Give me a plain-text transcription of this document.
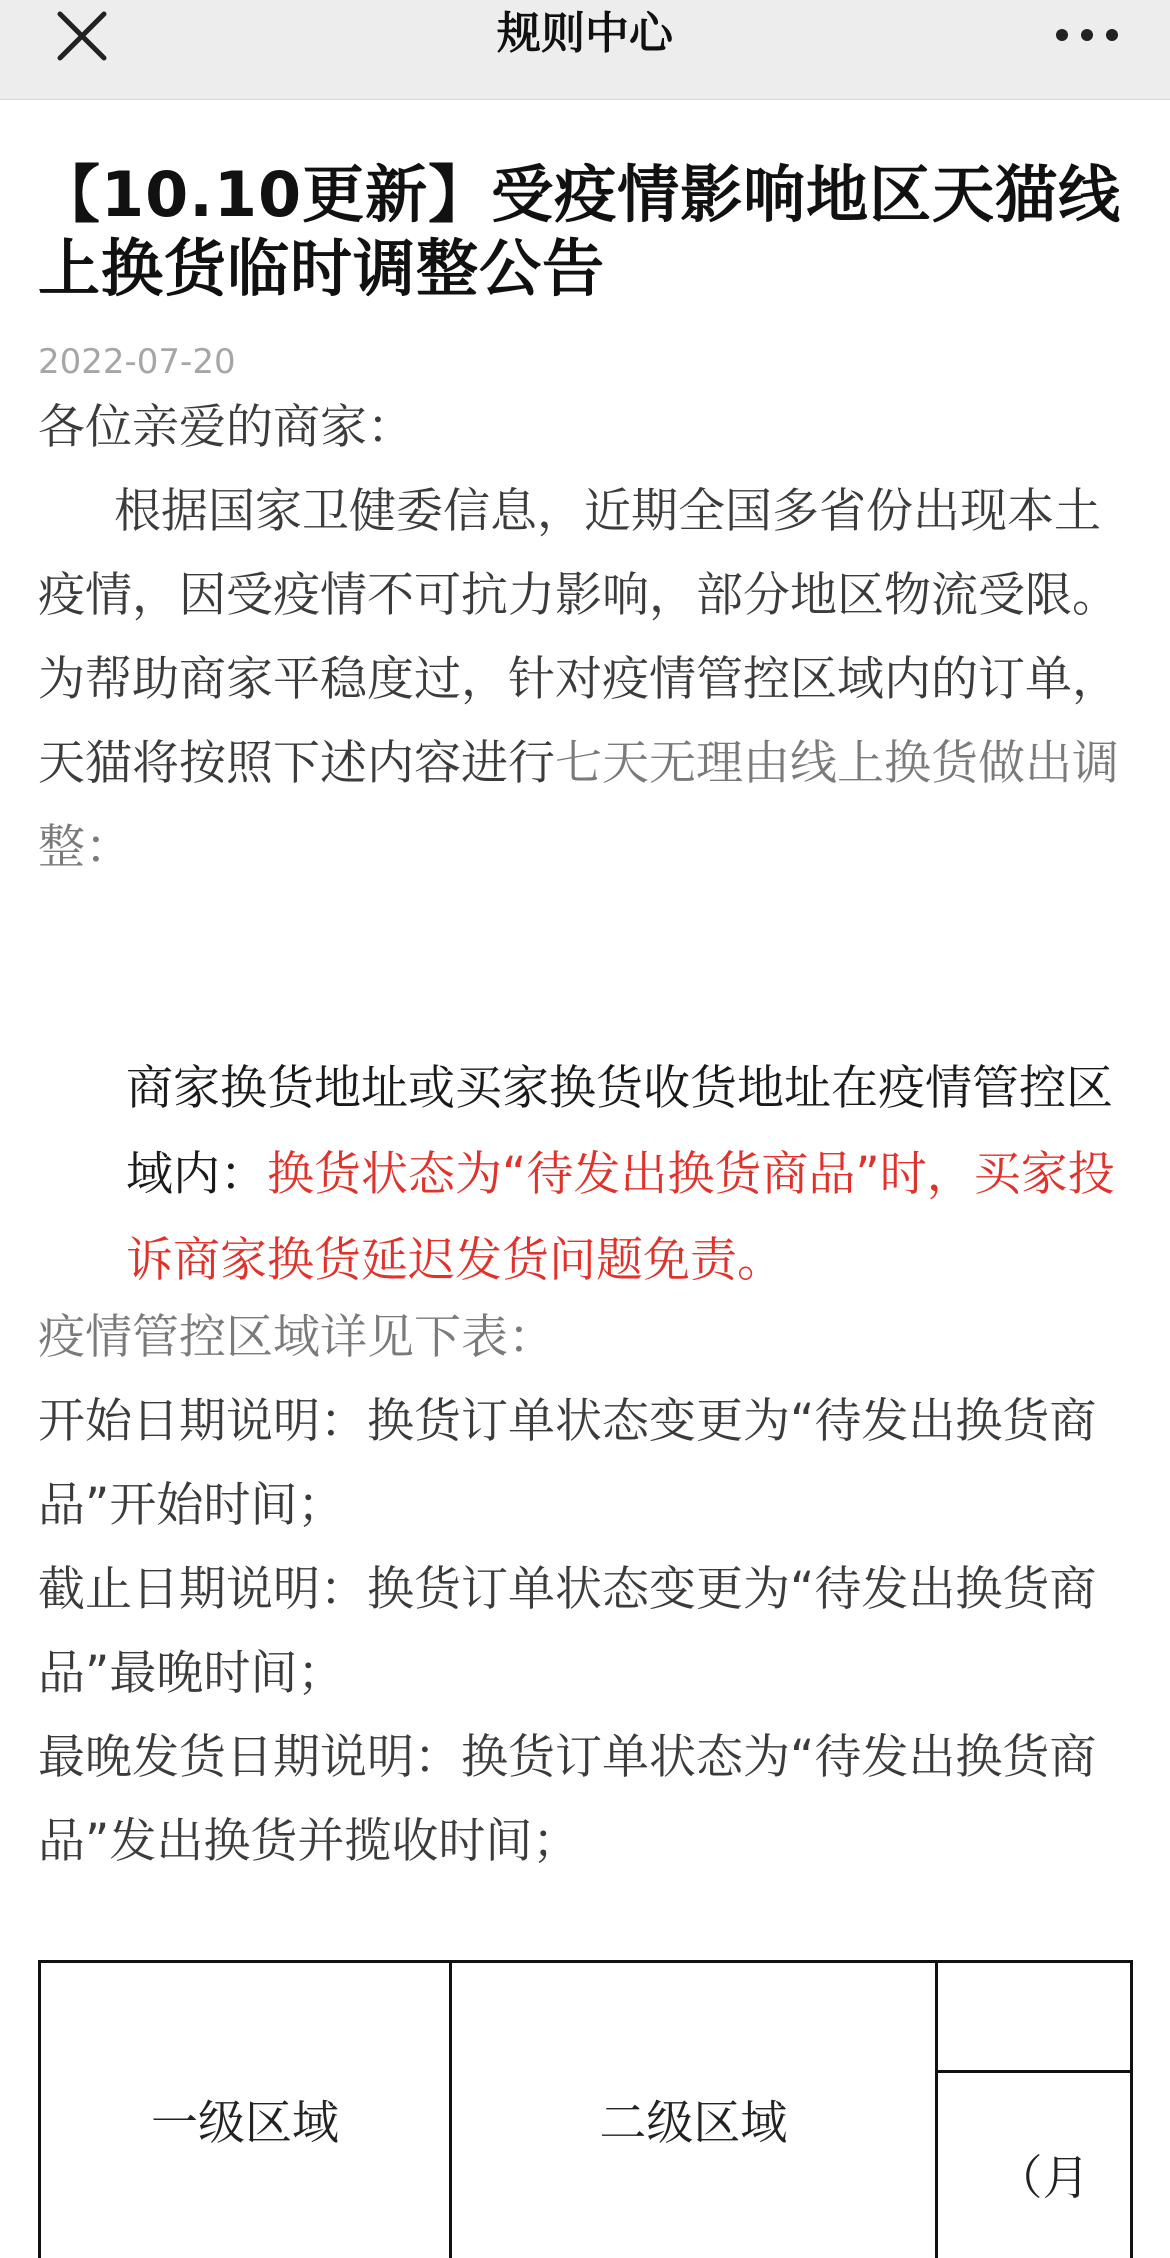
规则中心
【10.10更新】受疫情影响地区天猫线上换货临时调整公告
2022-07-20

各位亲爱的商家：

根据国家卫健委信息，近期全国多省份出现本土疫情，因受疫情不可抗力影响，部分地区物流受限。为帮助商家平稳度过，针对疫情管控区域内的订单，天猫将按照下述内容进行七天无理由线上换货做出调整：

商家换货地址或买家换货收货地址在疫情管控区域内：换货状态为“待发出换货商品”时，买家投诉商家换货延迟发货问题免责。

疫情管控区域详见下表：
开始日期说明：换货订单状态变更为“待发出换货商品”开始时间；
截止日期说明：换货订单状态变更为“待发出换货商品”最晚时间；
最晚发货日期说明：换货订单状态为“待发出换货商品”发出换货并揽收时间；
一级区域	二级区域	
（月
